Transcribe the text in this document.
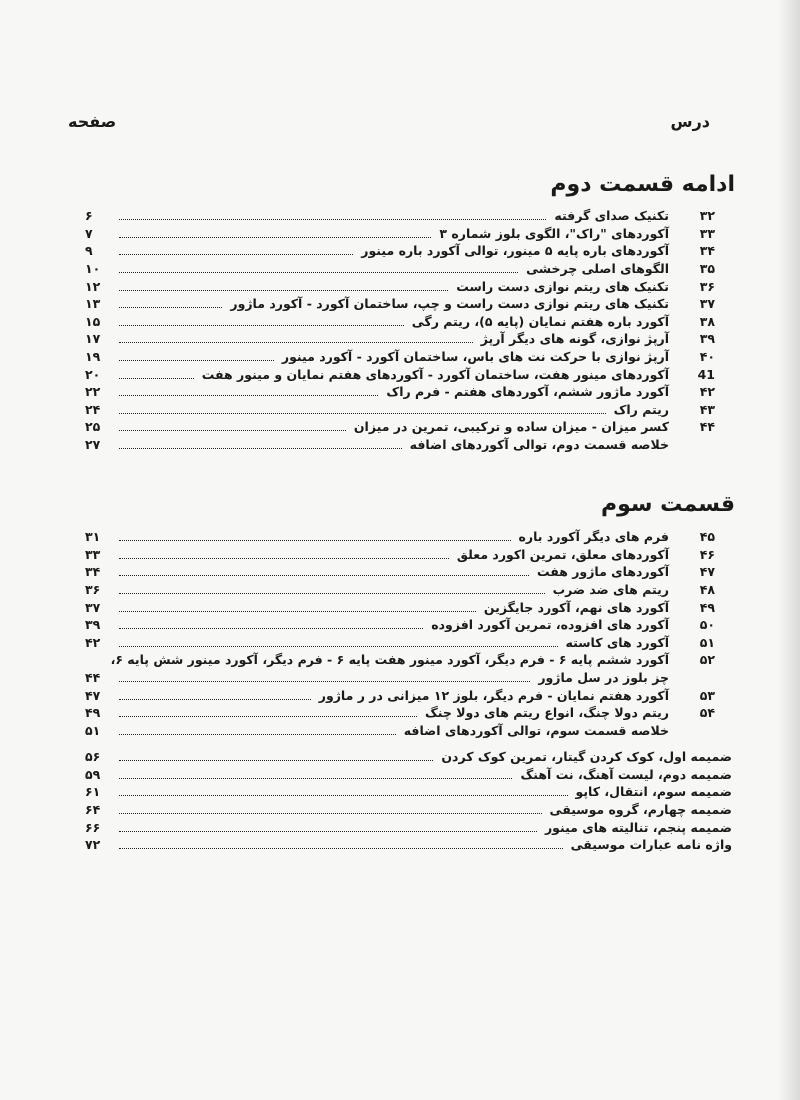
درس
صفحه
ادامه قسمت دوم
۳۲
تکنیک صدای گرفته
۶
۳۳
آکوردهای "راک"، الگوی بلوز شماره ۳
۷
۳۴
آکوردهای باره پایه ۵ مینور، توالی آکورد باره مینور
۹
۳۵
الگوهای اصلی چرخشی
۱۰
۳۶
تکنیک های ریتم نوازی دست راست
۱۲
۳۷
تکنیک های ریتم نوازی دست راست و چپ، ساختمان آکورد - آکورد ماژور
۱۳
۳۸
آکورد باره هفتم نمایان (پایه ۵)، ریتم رگی
۱۵
۳۹
آرپژ نوازی، گونه های دیگر آرپژ
۱۷
۴۰
آرپژ نوازی با حرکت نت های باس، ساختمان آکورد - آکورد مینور
۱۹
41
آکوردهای مینور هفت، ساختمان آکورد - آکوردهای هفتم نمایان و مینور هفت
۲۰
۴۲
آکورد ماژور ششم، آکوردهای هفتم - فرم راک
۲۲
۴۳
ریتم راک
۲۴
۴۴
کسر میزان - میزان ساده و ترکیبی، تمرین در میزان
۲۵
خلاصه قسمت دوم، توالی آکوردهای اضافه
۲۷
قسمت سوم
۴۵
فرم های دیگر آکورد باره
۳۱
۴۶
آکوردهای معلق، تمرین اکورد معلق
۳۳
۴۷
آکوردهای ماژور هفت
۳۴
۴۸
ریتم های ضد ضرب
۳۶
۴۹
آکورد های نهم، آکورد جایگزین
۳۷
۵۰
آکورد های افزوده، تمرین آکورد افزوده
۳۹
۵۱
آکورد های کاسته
۴۲
۵۲
آکورد ششم پایه ۶ - فرم دیگر، آکورد مینور هفت پایه ۶ - فرم دیگر، آکورد مینور شش پایه ۶،
چز بلوز در سل ماژور
۴۴
۵۳
آکورد هفتم نمایان - فرم دیگر، بلوز ۱۲ میزانی در ر ماژور
۴۷
۵۴
ریتم دولا چنگ، انواع ریتم های دولا چنگ
۴۹
خلاصه قسمت سوم، توالی آکوردهای اضافه
۵۱
ضمیمه اول، کوک کردن گیتار، تمرین کوک کردن
۵۶
ضمیمه دوم، لیست آهنگ، نت آهنگ
۵۹
ضمیمه سوم، انتقال، کاپو
۶۱
ضمیمه چهارم، گروه موسیقی
۶۴
ضمیمه پنجم، تنالیته های مینور
۶۶
واژه نامه عبارات موسیقی
۷۲
